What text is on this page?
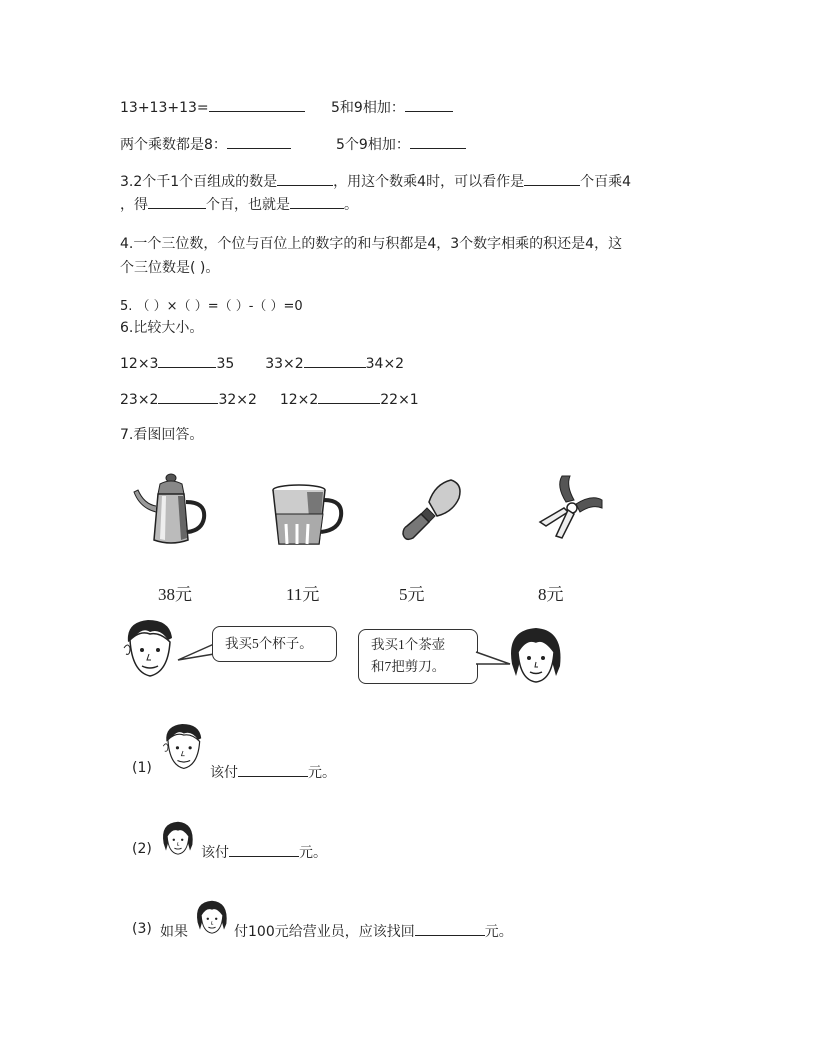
13+13+13=	5和9相加：
两个乘数都是8：	5个9相加：
3.2个千1个百组成的数是	，用这个数乘4时，可以看作是	个百乘4
，得	个百，也就是	。
4.一个三位数，个位与百位上的数字的和与积都是4，3个数字相乘的积还是4，这
个三位数是( )。
5. （ ）×（ ）=（ ）-（ ）=0
6.比较大小。
12×3	35 33×2	34×2
23×2	32×2 12×2	22×1
7.看图回答。
38元	11元	5元	8元
我买5个杯子。	我买1个茶壶
和7把剪刀。
(1)	该付	元。
(2)	该付	元。
(3) 如果	付100元给营业员，应该找回	元。
